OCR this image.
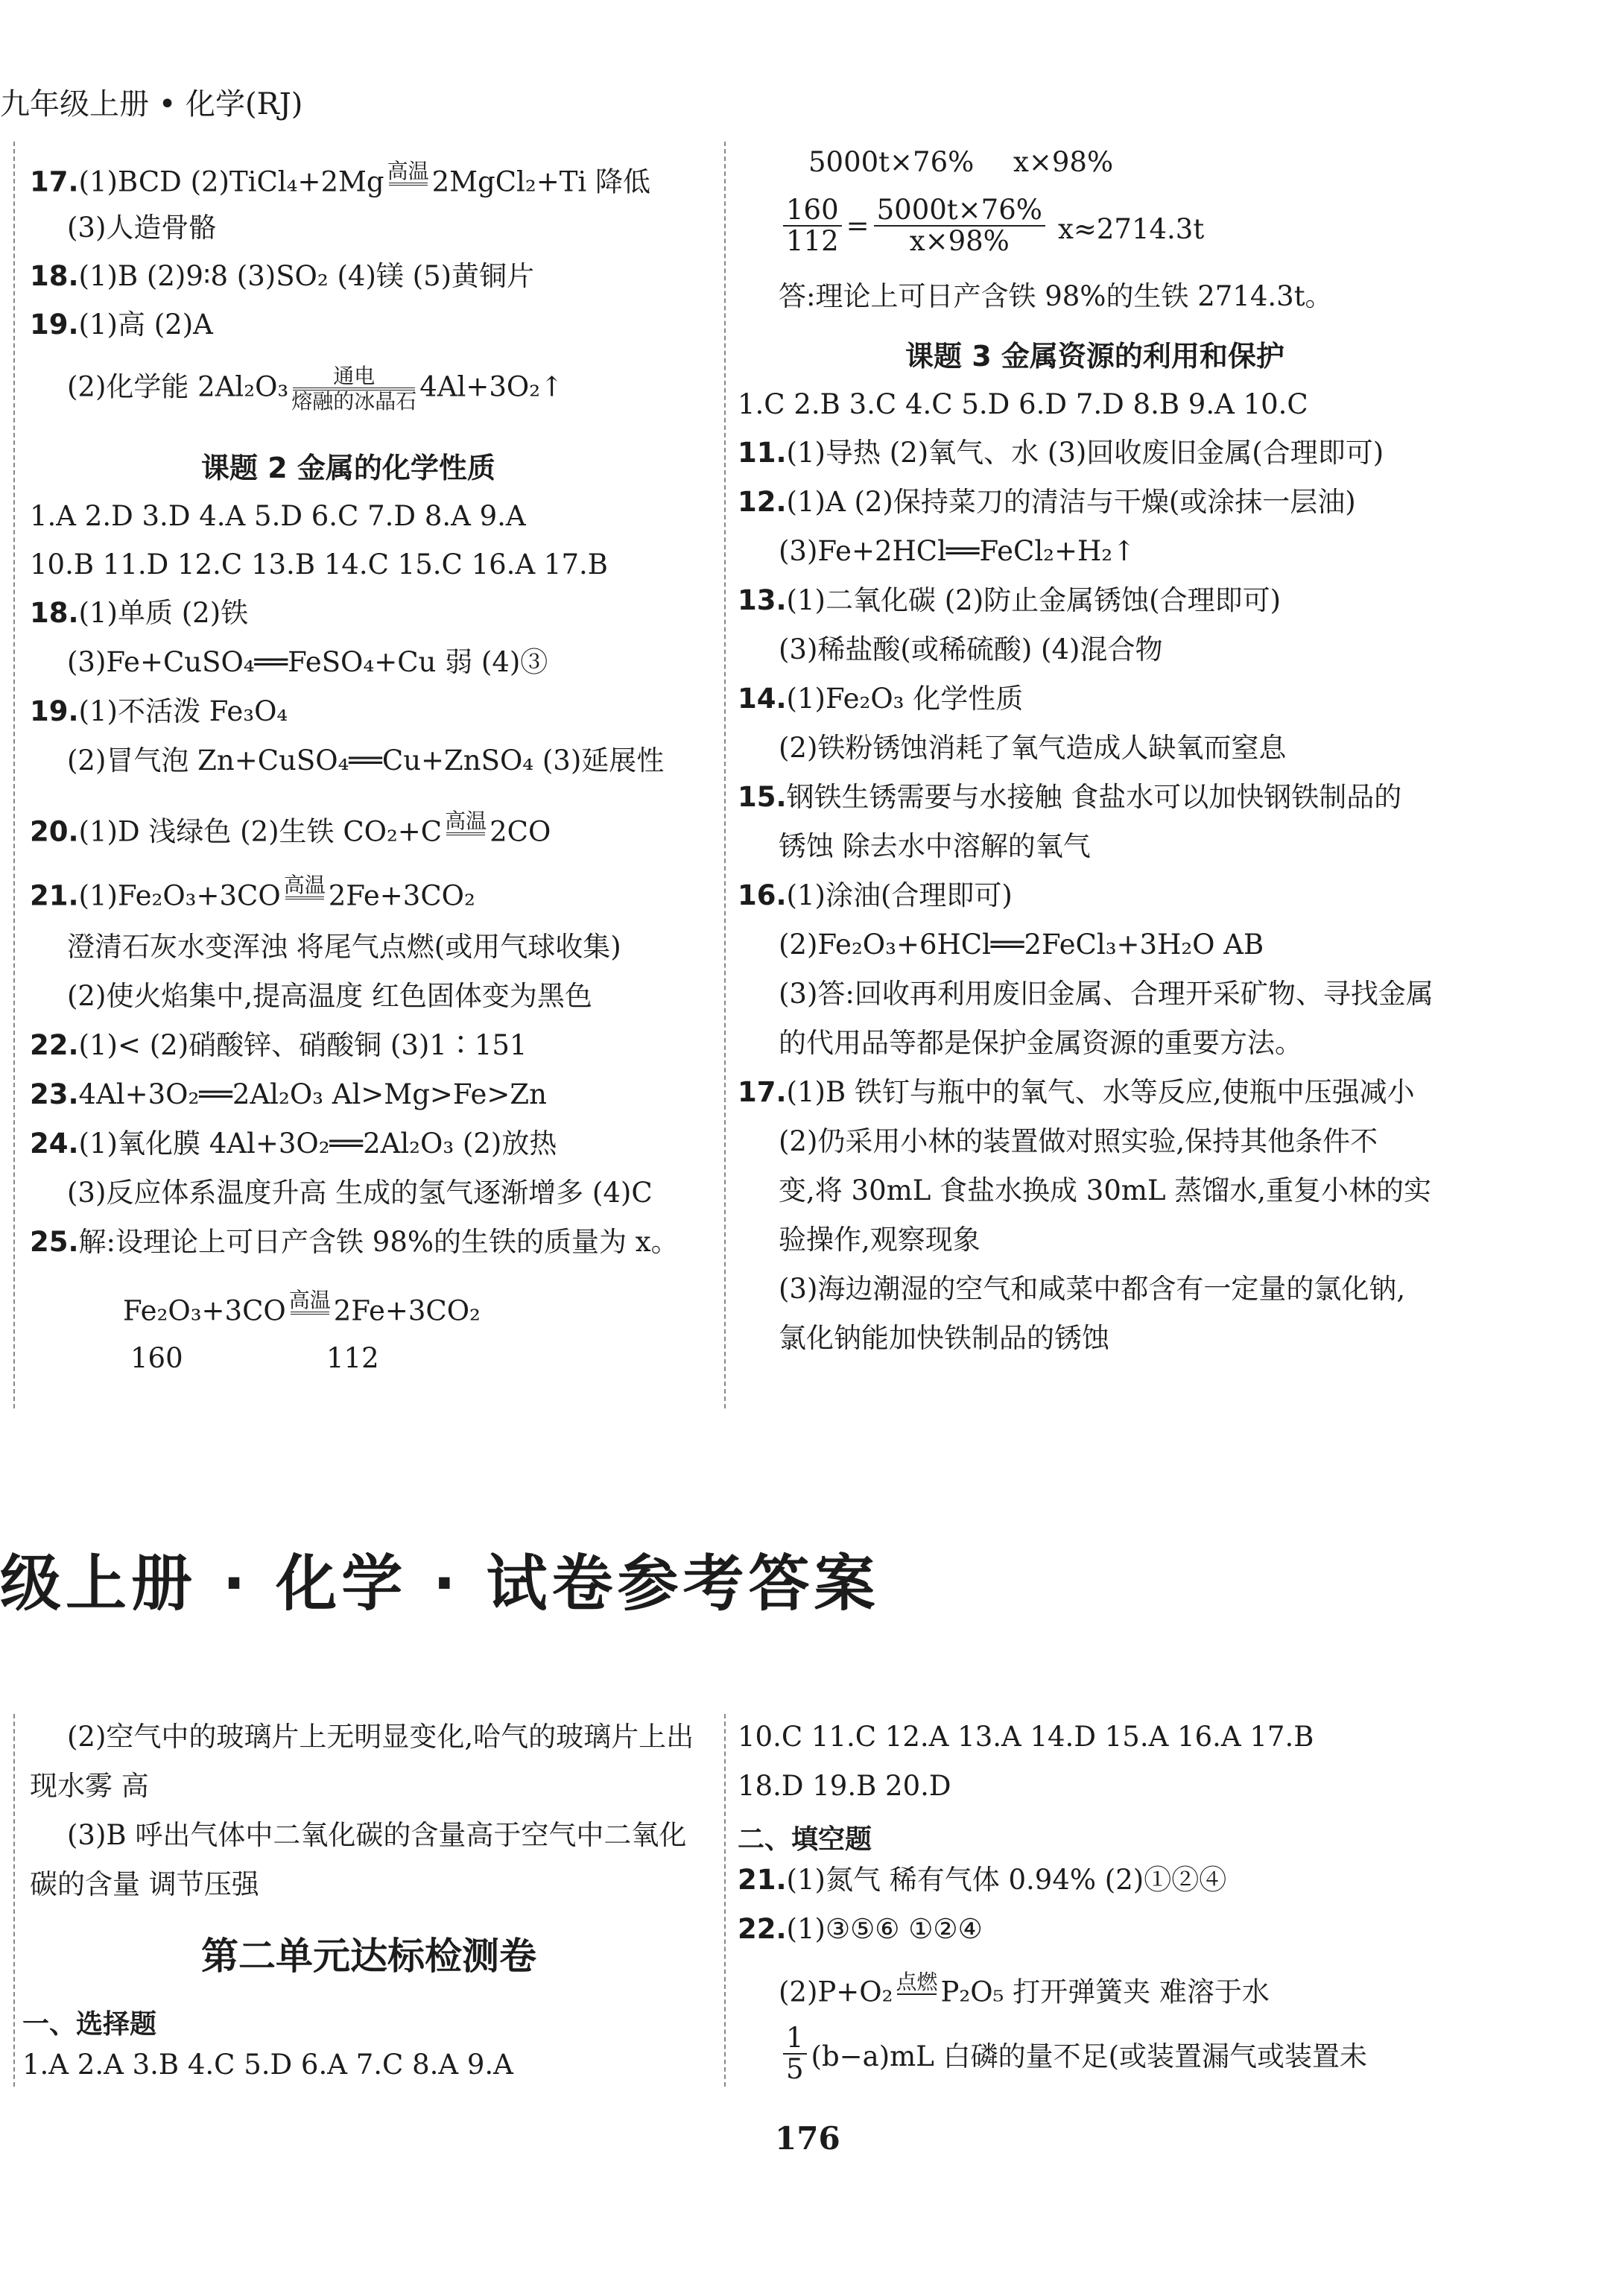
九年级上册 • 化学(RJ)
17.(1)BCD (2)TiCl₄+2Mg 高温
2MgCl₂+Ti 降低
(3)人造骨骼
18.(1)B (2)9∶8 (3)SO₂ (4)镁 (5)黄铜片
19.(1)高 (2)A
(2)化学能 2Al₂O₃	通电
熔融的冰晶石 4Al+3O₂↑
课题 2 金属的化学性质
1.A 2.D 3.D 4.A 5.D 6.C 7.D 8.A 9.A
10.B 11.D 12.C 13.B 14.C 15.C 16.A 17.B
18.(1)单质 (2)铁
(3)Fe+CuSO₄══FeSO₄+Cu 弱 (4)③
19.(1)不活泼 Fe₃O₄
(2)冒气泡 Zn+CuSO₄══Cu+ZnSO₄ (3)延展性
20.(1)D 浅绿色 (2)生铁 CO₂+C 高温
2CO
21.(1)Fe₂O₃+3CO 高温
2Fe+3CO₂
澄清石灰水变浑浊 将尾气点燃(或用气球收集)
(2)使火焰集中,提高温度 红色固体变为黑色
22.(1)< (2)硝酸锌、硝酸铜 (3)1∶151
23.4Al+3O₂══2Al₂O₃ Al>Mg>Fe>Zn
24.(1)氧化膜 4Al+3O₂══2Al₂O₃ (2)放热
(3)反应体系温度升高 生成的氢气逐渐增多 (4)C
25.解:设理论上可日产含铁 98%的生铁的质量为 x。
Fe₂O₃+3CO 高温
2Fe+3CO₂
160	112
5000t×76% x×98%
$\frac{160}{112} = \frac{5000t\times 76\%}{x\times 98\%} x\approx 2714.3t$
答:理论上可日产含铁 98%的生铁 2714.3t。
课题 3 金属资源的利用和保护
1.C 2.B 3.C 4.C 5.D 6.D 7.D 8.B 9.A 10.C
11.(1)导热 (2)氧气、水 (3)回收废旧金属(合理即可)
12.(1)A (2)保持菜刀的清洁与干燥(或涂抹一层油)
(3)Fe+2HCl══FeCl₂+H₂↑
13.(1)二氧化碳 (2)防止金属锈蚀(合理即可)
(3)稀盐酸(或稀硫酸) (4)混合物
14.(1)Fe₂O₃ 化学性质
(2)铁粉锈蚀消耗了氧气造成人缺氧而窒息
15.钢铁生锈需要与水接触 食盐水可以加快钢铁制品的
锈蚀 除去水中溶解的氧气
16.(1)涂油(合理即可)
(2)Fe₂O₃+6HCl══2FeCl₃+3H₂O AB
(3)答:回收再利用废旧金属、合理开采矿物、寻找金属
的代用品等都是保护金属资源的重要方法。
17.(1)B 铁钉与瓶中的氧气、水等反应,使瓶中压强减小
(2)仍采用小林的装置做对照实验,保持其他条件不
变,将 30mL 食盐水换成 30mL 蒸馏水,重复小林的实
验操作,观察现象
(3)海边潮湿的空气和咸菜中都含有一定量的氯化钠,
氯化钠能加快铁制品的锈蚀
级上册 · 化学 · 试卷参考答案
(2)空气中的玻璃片上无明显变化,哈气的玻璃片上出
现水雾 高
(3)B 呼出气体中二氧化碳的含量高于空气中二氧化
碳的含量 调节压强
第二单元达标检测卷
一、选择题
1.A 2.A 3.B 4.C 5.D 6.A 7.C 8.A 9.A
10.C 11.C 12.A 13.A 14.D 15.A 16.A 17.B
18.D 19.B 20.D
二、填空题
21.(1)氮气 稀有气体 0.94% (2)①②④
22.(1)③⑤⑥ ①②④
(2)P+O₂ 点燃
P₂O₅ 打开弹簧夹 难溶于水
$\frac{1}{5} (b-a)mL$ 白磷的量不足(或装置漏气或装置未
176
